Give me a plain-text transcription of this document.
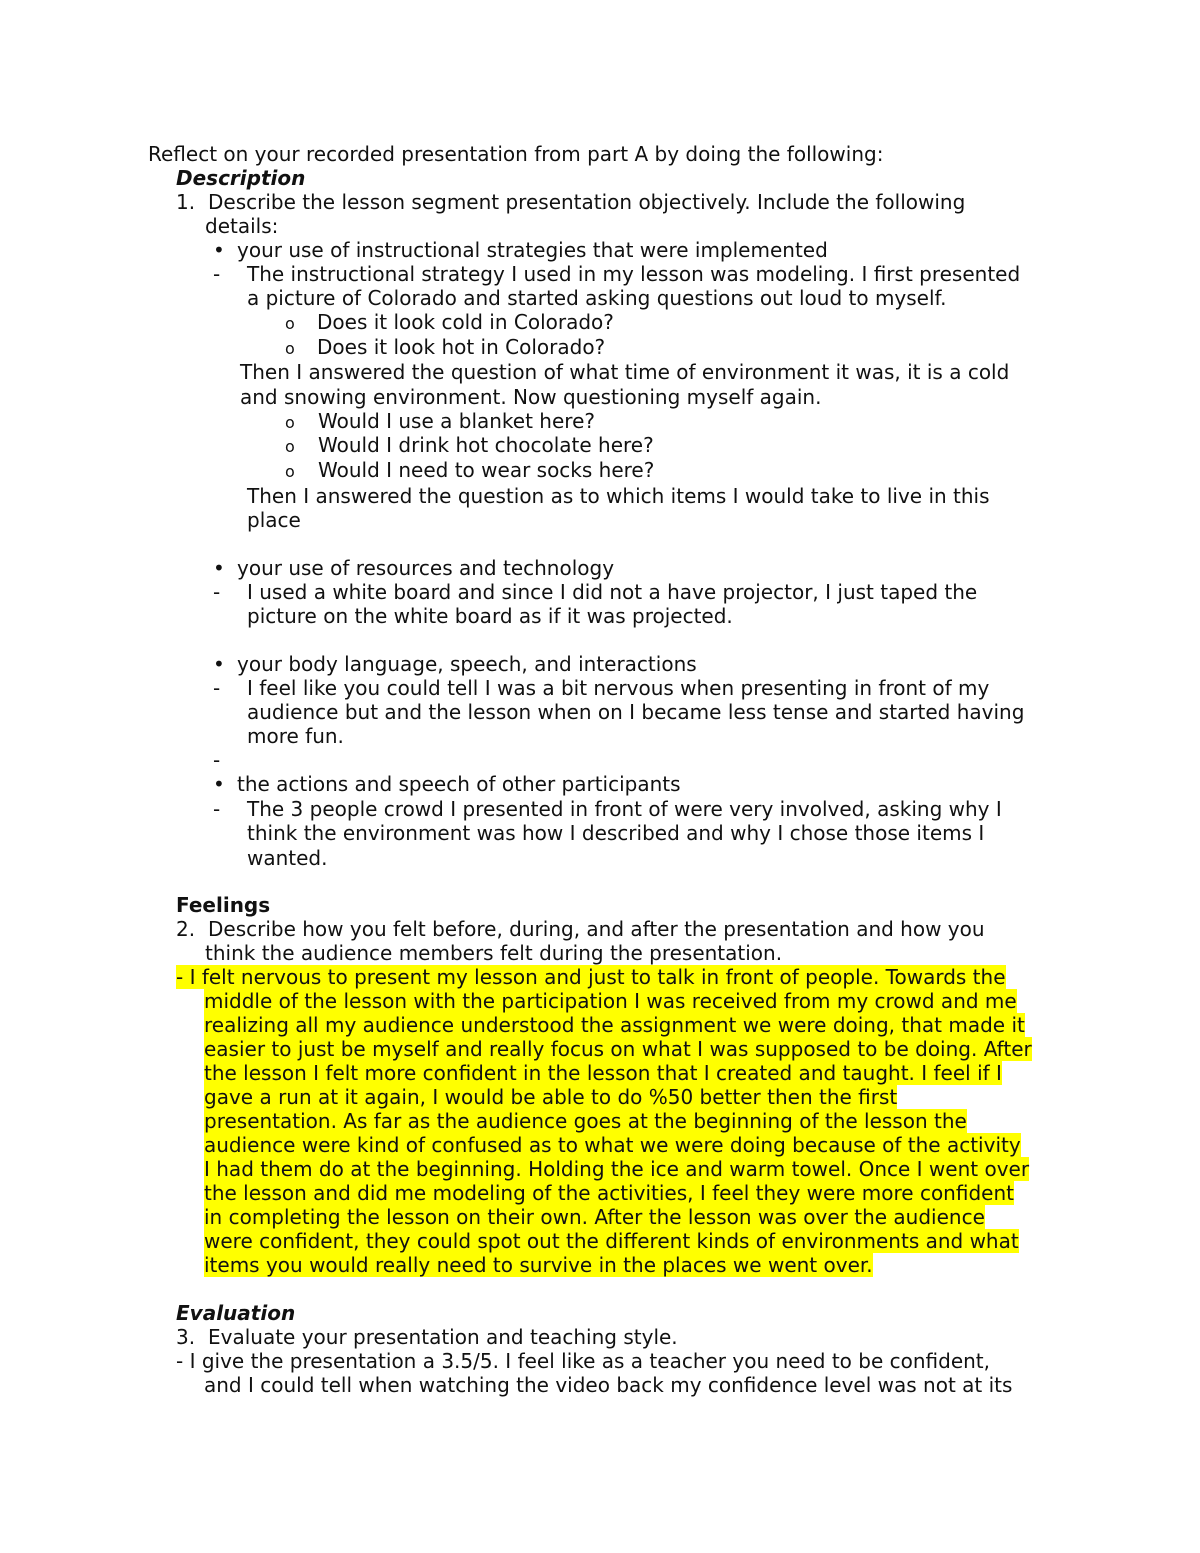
Reflect on your recorded presentation from part A by doing the following:
Description
1. Describe the lesson segment presentation objectively. Include the following
details:
• your use of instructional strategies that were implemented
- The instructional strategy I used in my lesson was modeling. I first presented
a picture of Colorado and started asking questions out loud to myself.
o Does it look cold in Colorado?
o Does it look hot in Colorado?
Then I answered the question of what time of environment it was, it is a cold
and snowing environment. Now questioning myself again.
o Would I use a blanket here?
o Would I drink hot chocolate here?
o Would I need to wear socks here?
Then I answered the question as to which items I would take to live in this
place
• your use of resources and technology
- I used a white board and since I did not a have projector, I just taped the
picture on the white board as if it was projected.
• your body language, speech, and interactions
- I feel like you could tell I was a bit nervous when presenting in front of my
audience but and the lesson when on I became less tense and started having
more fun.
-
• the actions and speech of other participants
- The 3 people crowd I presented in front of were very involved, asking why I
think the environment was how I described and why I chose those items I
wanted.
Feelings
2. Describe how you felt before, during, and after the presentation and how you
think the audience members felt during the presentation.
- I felt nervous to present my lesson and just to talk in front of people. Towards the
middle of the lesson with the participation I was received from my crowd and me
realizing all my audience understood the assignment we were doing, that made it
easier to just be myself and really focus on what I was supposed to be doing. After
the lesson I felt more confident in the lesson that I created and taught. I feel if I
gave a run at it again, I would be able to do %50 better then the first
presentation. As far as the audience goes at the beginning of the lesson the
audience were kind of confused as to what we were doing because of the activity
I had them do at the beginning. Holding the ice and warm towel. Once I went over
the lesson and did me modeling of the activities, I feel they were more confident
in completing the lesson on their own. After the lesson was over the audience
were confident, they could spot out the different kinds of environments and what
items you would really need to survive in the places we went over.
Evaluation
3. Evaluate your presentation and teaching style.
- I give the presentation a 3.5/5. I feel like as a teacher you need to be confident,
and I could tell when watching the video back my confidence level was not at its
